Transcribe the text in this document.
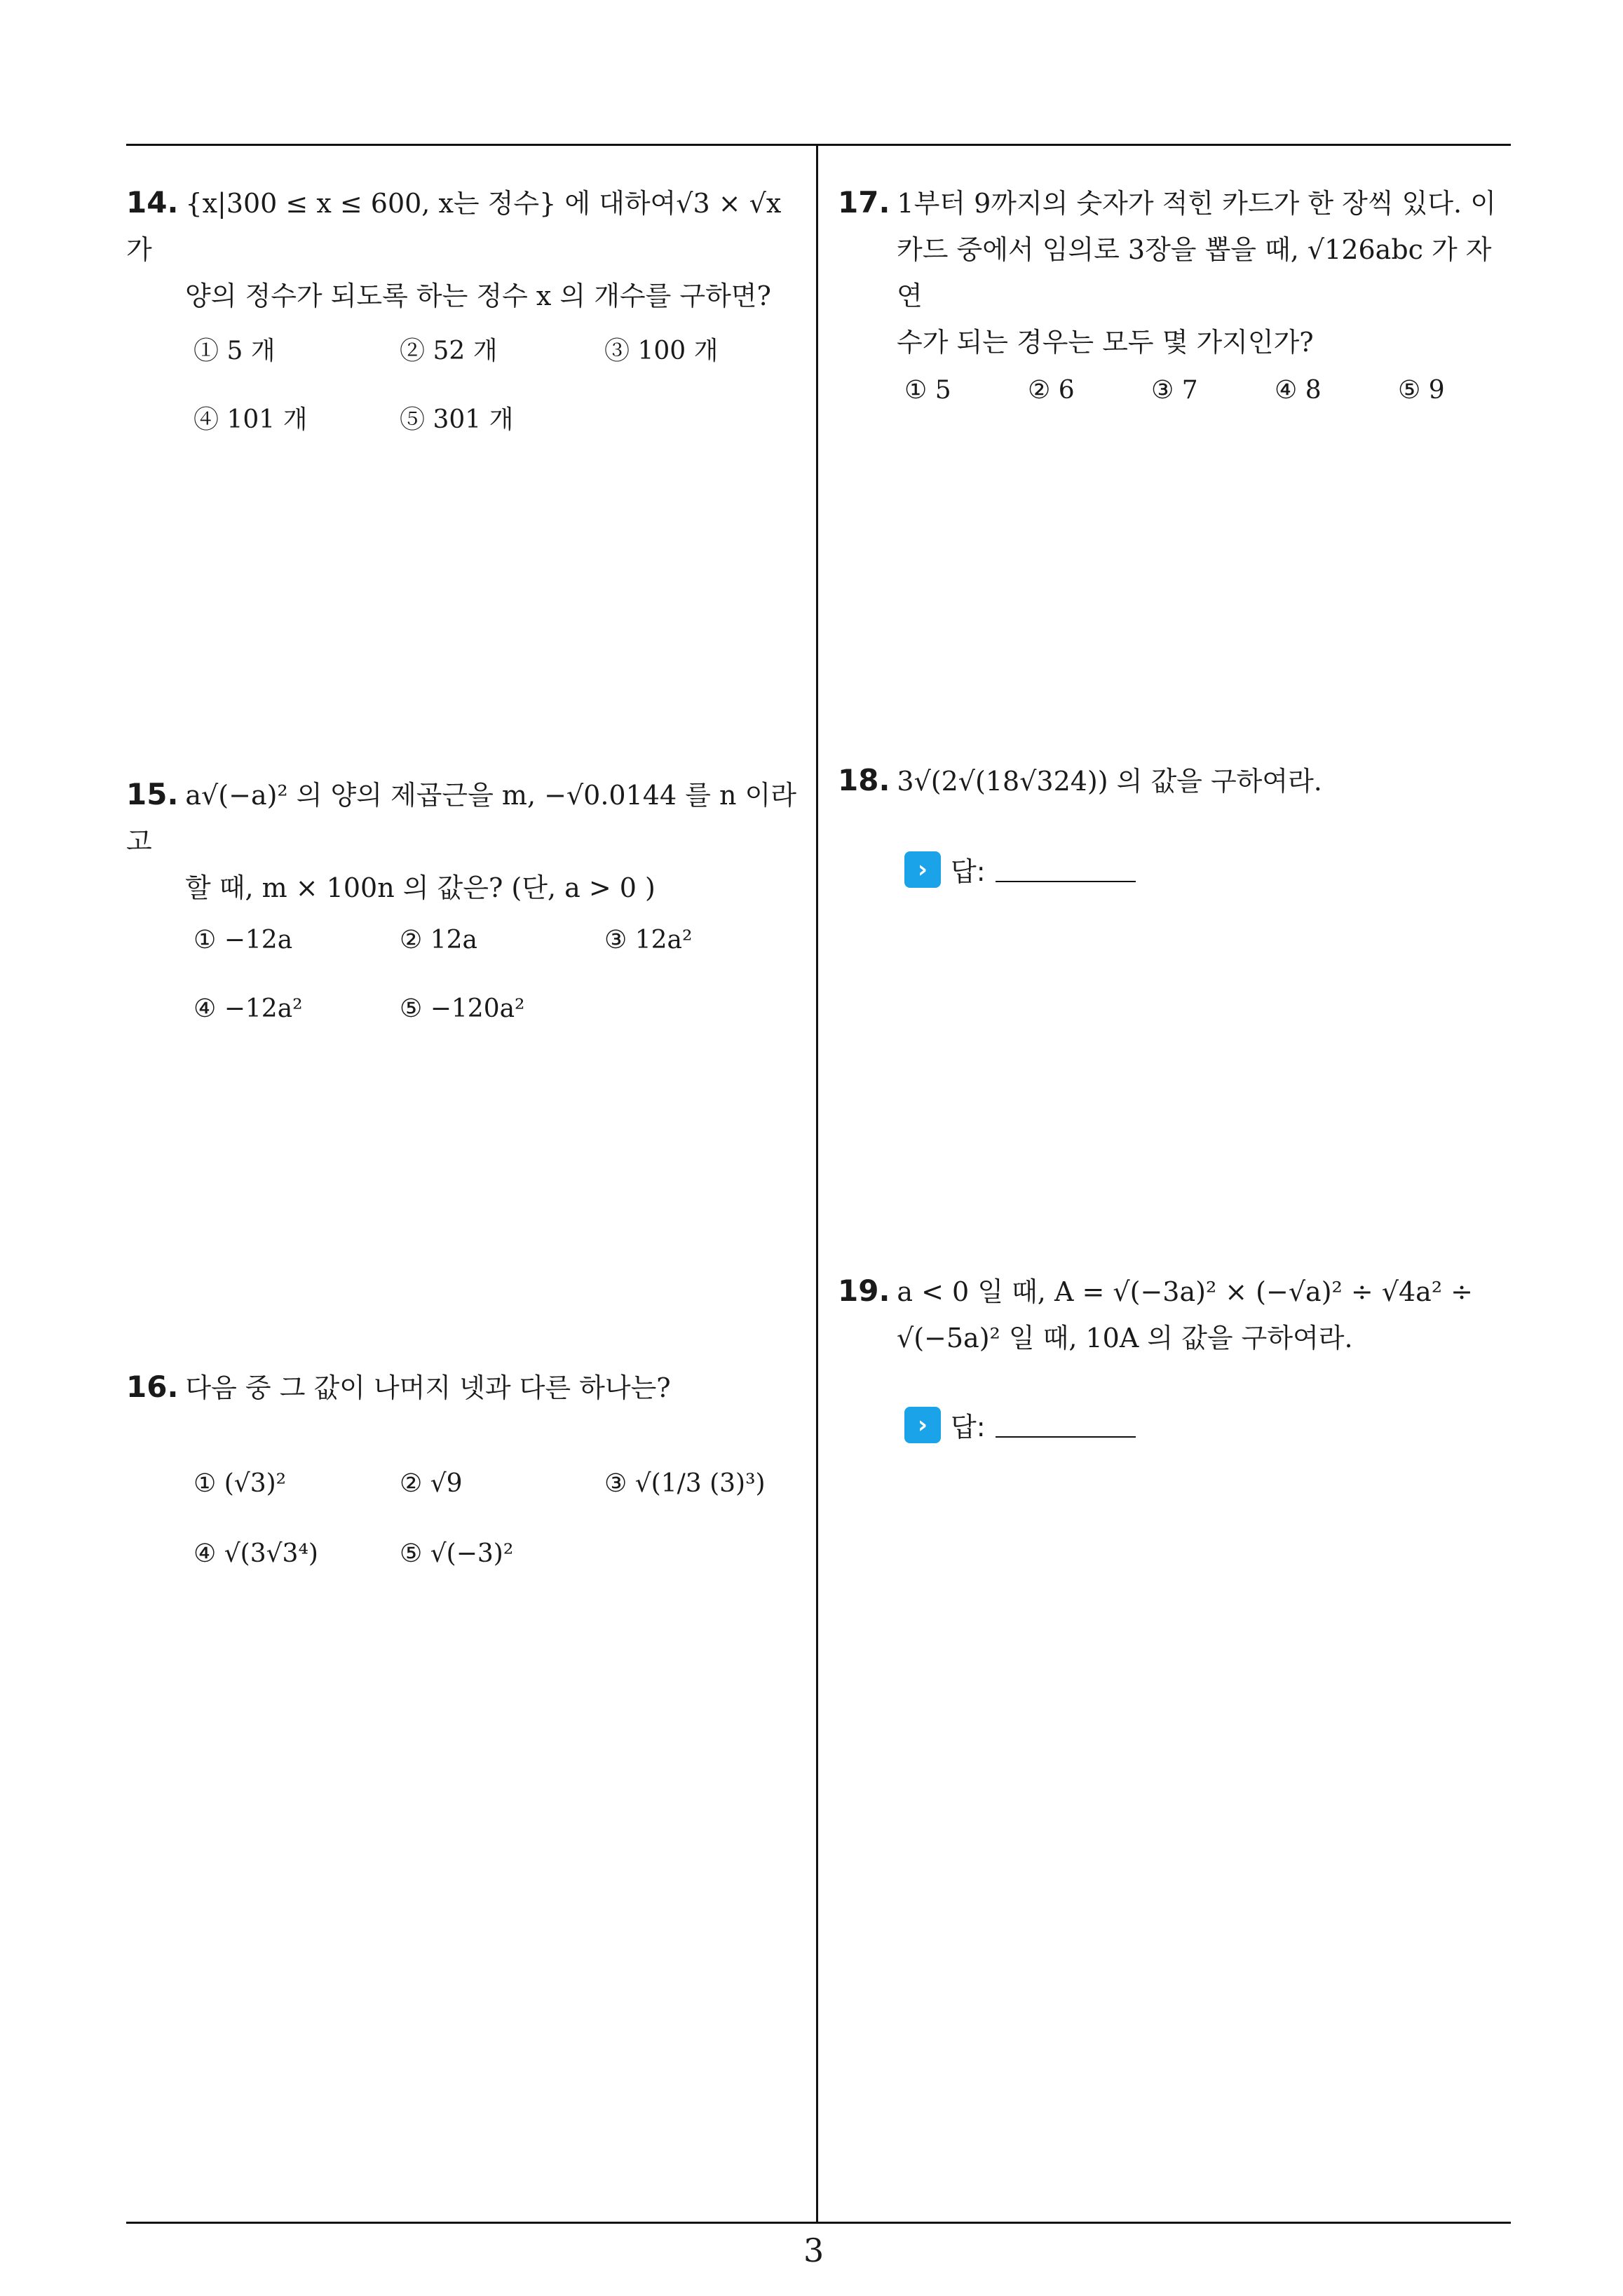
14. {x|300 ≤ x ≤ 600, x는 정수} 에 대하여√3 × √x 가
양의 정수가 되도록 하는 정수 x 의 개수를 구하면?
① 5 개	② 52 개	③ 100 개
④ 101 개	⑤ 301 개
15. a√(−a)² 의 양의 제곱근을 m, −√0.0144 를 n 이라고
할 때, m × 100n 의 값은? (단, a > 0 )
① −12a	② 12a	③ 12a²
④ −12a²	⑤ −120a²
16. 다음 중 그 값이 나머지 넷과 다른 하나는?
① (√3)²	② √9	③ √(1/3 (3)³)
④ √(3√3⁴)	⑤ √(−3)²
17. 1부터 9까지의 숫자가 적힌 카드가 한 장씩 있다. 이
카드 중에서 임의로 3장을 뽑을 때, √126abc 가 자연
수가 되는 경우는 모두 몇 가지인가?
① 5	② 6	③ 7	④ 8	⑤ 9
18. 3√(2√(18√324)) 의 값을 구하여라.
› 답:
19. a < 0 일 때, A = √(−3a)² × (−√a)² ÷ √4a² ÷
√(−5a)² 일 때, 10A 의 값을 구하여라.
› 답:
3
